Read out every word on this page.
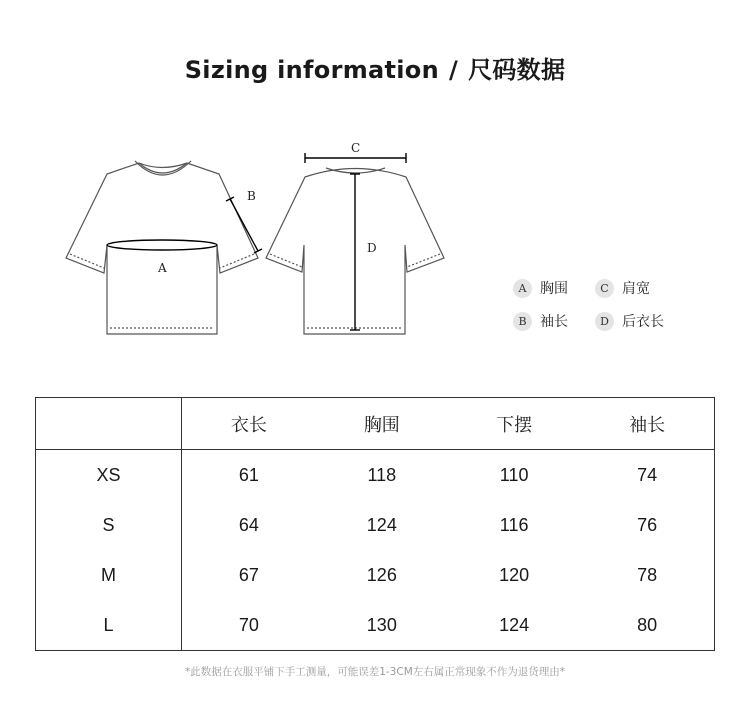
Sizing information / 尺码数据
A
B
C
D
A 胸围	C 肩宽
B 袖长	D 后衣长
	衣长	胸围	下摆	袖长
XS	61	118	110	74
S	64	124	116	76
M	67	126	120	78
L	70	130	124	80
*此数据在衣服平铺下手工测量，可能误差1-3CM左右属正常现象不作为退货理由*
